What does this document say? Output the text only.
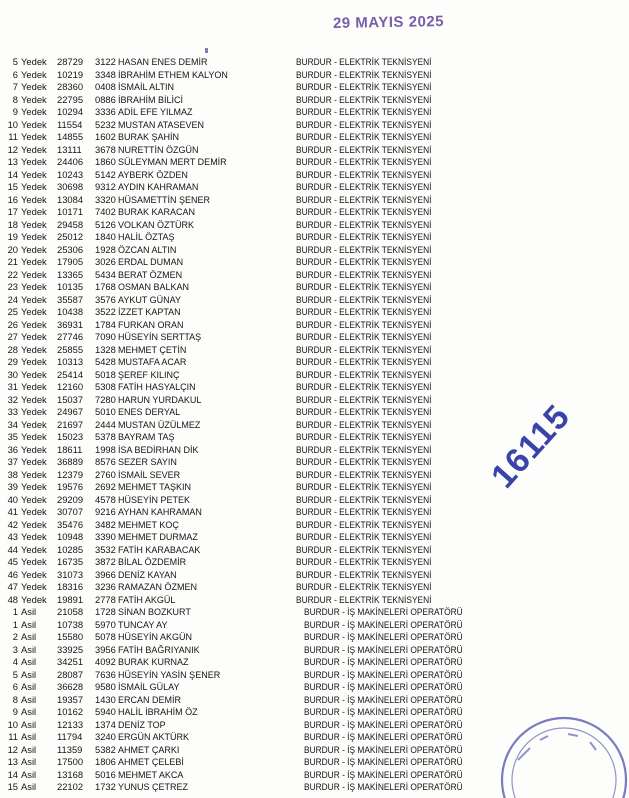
29 MAYIS 2025
5 Yedek 28729	3122 HASAN ENES DEMİR	BURDUR - ELEKTRİK TEKNİSYENİ
6 Yedek 10219	3348 İBRAHİM ETHEM KALYON	BURDUR - ELEKTRİK TEKNİSYENİ
7 Yedek 28360	0408 İSMAİL ALTIN	BURDUR - ELEKTRİK TEKNİSYENİ
8 Yedek 22795	0886 İBRAHİM BİLİCİ	BURDUR - ELEKTRİK TEKNİSYENİ
9 Yedek 10294	3336 ADİL EFE YILMAZ	BURDUR - ELEKTRİK TEKNİSYENİ
10 Yedek 11554	5232 MUSTAN ATASEVEN	BURDUR - ELEKTRİK TEKNİSYENİ
11 Yedek 14855	1602 BURAK ŞAHİN	BURDUR - ELEKTRİK TEKNİSYENİ
12 Yedek 13111	3678 NURETTİN ÖZGÜN	BURDUR - ELEKTRİK TEKNİSYENİ
13 Yedek 24406	1860 SÜLEYMAN MERT DEMİR	BURDUR - ELEKTRİK TEKNİSYENİ
14 Yedek 10243	5142 AYBERK ÖZDEN	BURDUR - ELEKTRİK TEKNİSYENİ
15 Yedek 30698	9312 AYDIN KAHRAMAN	BURDUR - ELEKTRİK TEKNİSYENİ
16 Yedek 13084	3320 HÜSAMETTİN ŞENER	BURDUR - ELEKTRİK TEKNİSYENİ
17 Yedek 10171	7402 BURAK KARACAN	BURDUR - ELEKTRİK TEKNİSYENİ
18 Yedek 29458	5126 VOLKAN ÖZTÜRK	BURDUR - ELEKTRİK TEKNİSYENİ
19 Yedek 25012	1840 HALİL ÖZTAŞ	BURDUR - ELEKTRİK TEKNİSYENİ
20 Yedek 25306	1928 ÖZCAN ALTIN	BURDUR - ELEKTRİK TEKNİSYENİ
21 Yedek 17905	3026 ERDAL DUMAN	BURDUR - ELEKTRİK TEKNİSYENİ
22 Yedek 13365	5434 BERAT ÖZMEN	BURDUR - ELEKTRİK TEKNİSYENİ
23 Yedek 10135	1768 OSMAN BALKAN	BURDUR - ELEKTRİK TEKNİSYENİ
24 Yedek 35587	3576 AYKUT GÜNAY	BURDUR - ELEKTRİK TEKNİSYENİ
25 Yedek 10438	3522 İZZET KAPTAN	BURDUR - ELEKTRİK TEKNİSYENİ
26 Yedek 36931	1784 FURKAN ORAN	BURDUR - ELEKTRİK TEKNİSYENİ
27 Yedek 27746	7090 HÜSEYİN SERTTAŞ	BURDUR - ELEKTRİK TEKNİSYENİ
28 Yedek 25855	1328 MEHMET ÇETİN	BURDUR - ELEKTRİK TEKNİSYENİ
29 Yedek 10313	5428 MUSTAFA ACAR	BURDUR - ELEKTRİK TEKNİSYENİ
30 Yedek 25414	5018 ŞEREF KILINÇ	BURDUR - ELEKTRİK TEKNİSYENİ
31 Yedek 12160	5308 FATİH HASYALÇIN	BURDUR - ELEKTRİK TEKNİSYENİ
32 Yedek 15037	7280 HARUN YURDAKUL	BURDUR - ELEKTRİK TEKNİSYENİ
33 Yedek 24967	5010 ENES DERYAL	BURDUR - ELEKTRİK TEKNİSYENİ
34 Yedek 21697	2444 MUSTAN ÜZÜLMEZ	BURDUR - ELEKTRİK TEKNİSYENİ
35 Yedek 15023	5378 BAYRAM TAŞ	BURDUR - ELEKTRİK TEKNİSYENİ
36 Yedek 18611	1998 İSA BEDİRHAN DİK	BURDUR - ELEKTRİK TEKNİSYENİ
37 Yedek 36889	8576 SEZER SAYIN	BURDUR - ELEKTRİK TEKNİSYENİ
38 Yedek 12379	2760 İSMAİL SEVER	BURDUR - ELEKTRİK TEKNİSYENİ
39 Yedek 19576	2692 MEHMET TAŞKIN	BURDUR - ELEKTRİK TEKNİSYENİ
40 Yedek 29209	4578 HÜSEYİN PETEK	BURDUR - ELEKTRİK TEKNİSYENİ
41 Yedek 30707	9216 AYHAN KAHRAMAN	BURDUR - ELEKTRİK TEKNİSYENİ
42 Yedek 35476	3482 MEHMET KOÇ	BURDUR - ELEKTRİK TEKNİSYENİ
43 Yedek 10948	3390 MEHMET DURMAZ	BURDUR - ELEKTRİK TEKNİSYENİ
44 Yedek 10285	3532 FATİH KARABACAK	BURDUR - ELEKTRİK TEKNİSYENİ
45 Yedek 16735	3872 BİLAL ÖZDEMİR	BURDUR - ELEKTRİK TEKNİSYENİ
46 Yedek 31073	3966 DENİZ KAYAN	BURDUR - ELEKTRİK TEKNİSYENİ
47 Yedek 18316	3236 RAMAZAN ÖZMEN	BURDUR - ELEKTRİK TEKNİSYENİ
48 Yedek 19891	2778 FATİH AKGÜL	BURDUR - ELEKTRİK TEKNİSYENİ
1 Asil 21058	1728 SİNAN BOZKURT	BURDUR - İŞ MAKİNELERİ OPERATÖRÜ
1 Asil 10738	5970 TUNCAY AY	BURDUR - İŞ MAKİNELERİ OPERATÖRÜ
2 Asil 15580	5078 HÜSEYİN AKGÜN	BURDUR - İŞ MAKİNELERİ OPERATÖRÜ
3 Asil 33925	3956 FATİH BAĞRIYANIK	BURDUR - İŞ MAKİNELERİ OPERATÖRÜ
4 Asil 34251	4092 BURAK KURNAZ	BURDUR - İŞ MAKİNELERİ OPERATÖRÜ
5 Asil 28087	7636 HÜSEYİN YASİN ŞENER	BURDUR - İŞ MAKİNELERİ OPERATÖRÜ
6 Asil 36628	9580 İSMAİL GÜLAY	BURDUR - İŞ MAKİNELERİ OPERATÖRÜ
8 Asil 19357	1430 ERCAN DEMİR	BURDUR - İŞ MAKİNELERİ OPERATÖRÜ
9 Asil 10162	5940 HALİL İBRAHİM ÖZ	BURDUR - İŞ MAKİNELERİ OPERATÖRÜ
10 Asil 12133	1374 DENİZ TOP	BURDUR - İŞ MAKİNELERİ OPERATÖRÜ
11 Asil 11794	3240 ERGÜN AKTÜRK	BURDUR - İŞ MAKİNELERİ OPERATÖRÜ
12 Asil 11359	5382 AHMET ÇARKI	BURDUR - İŞ MAKİNELERİ OPERATÖRÜ
13 Asil 17500	1806 AHMET ÇELEBİ	BURDUR - İŞ MAKİNELERİ OPERATÖRÜ
14 Asil 13168	5016 MEHMET AKCA	BURDUR - İŞ MAKİNELERİ OPERATÖRÜ
15 Asil 22102	1732 YUNUS ÇETREZ	BURDUR - İŞ MAKİNELERİ OPERATÖRÜ
16115
